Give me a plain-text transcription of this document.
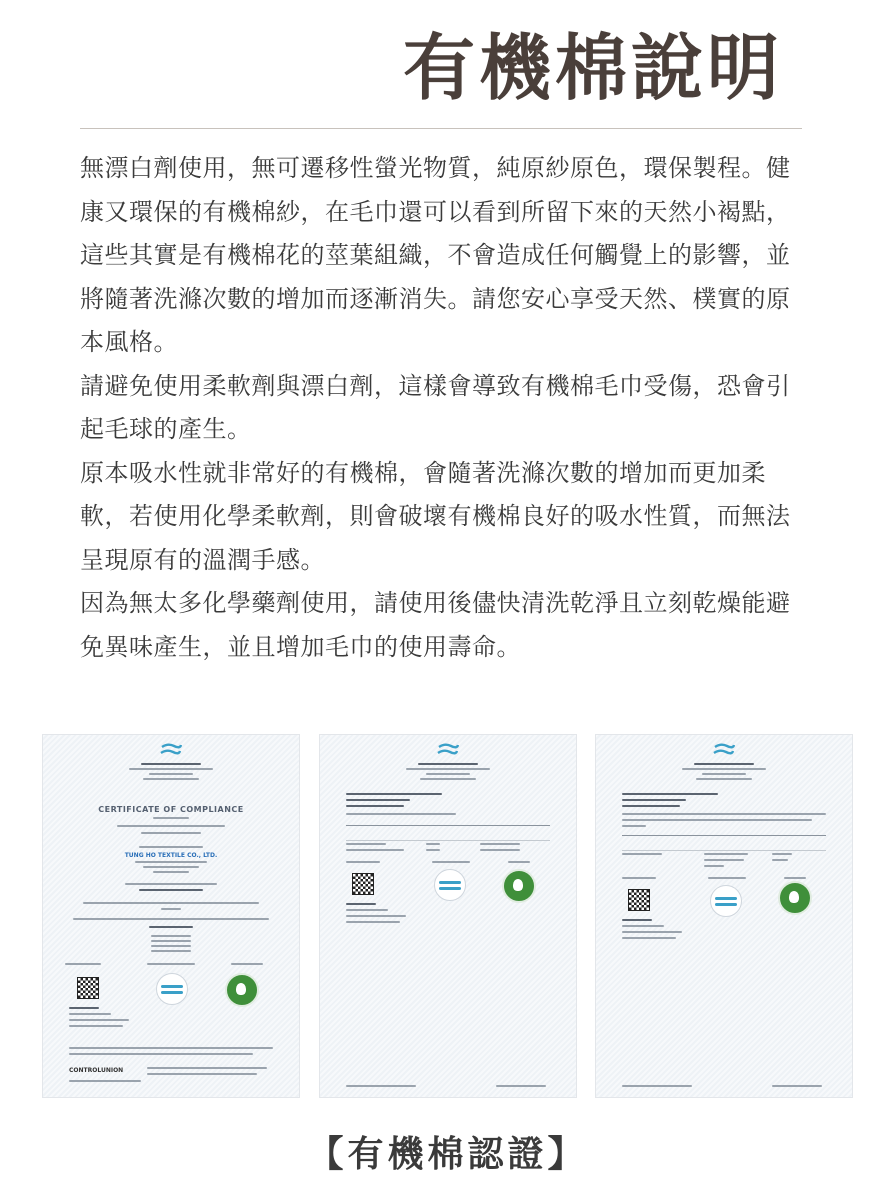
有機棉說明

無漂白劑使用，無可遷移性螢光物質，純原紗原色，環保製程。健康又環保的有機棉紗，在毛巾還可以看到所留下來的天然小褐點，這些其實是有機棉花的莖葉組織，不會造成任何觸覺上的影響，並將隨著洗滌次數的增加而逐漸消失。請您安心享受天然、樸實的原本風格。

請避免使用柔軟劑與漂白劑，這樣會導致有機棉毛巾受傷，恐會引起毛球的產生。

原本吸水性就非常好的有機棉，會隨著洗滌次數的增加而更加柔軟，若使用化學柔軟劑，則會破壞有機棉良好的吸水性質，而無法呈現原有的溫潤手感。

因為無太多化學藥劑使用，請使用後儘快清洗乾淨且立刻乾燥能避免異味產生，並且增加毛巾的使用壽命。

CERTIFICATE OF COMPLIANCE
TUNG HO TEXTILE CO., LTD.
CONTROLUNION
【有機棉認證】
